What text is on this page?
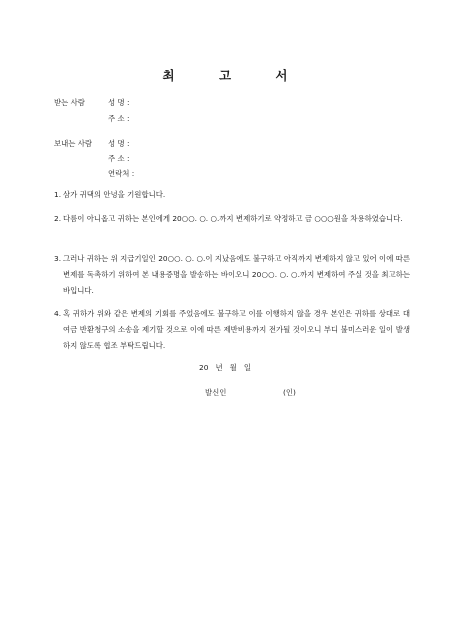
최 고 서
받는 사람	성 명 :
주 소 :
보내는 사람 성 명 :
주 소 :
연락처 :
1. 삼가 귀댁의 안녕을 기원합니다.
2. 다름이 아니옵고 귀하는 본인에게 20○○. ○. ○.까지 변제하기로 약정하고 금 ○○○원을 차용하였습니다.
3. 그러나 귀하는 위 지급기일인 20○○. ○. ○.이 지났음에도 불구하고 아직까지 변제하지 않고 있어 이에 따른 변제를 독촉하기 위하여 본 내용증명을 발송하는 바이오니 20○○. ○. ○.까지 변제하여 주실 것을 최고하는 바입니다.
4. 혹 귀하가 위와 같은 변제의 기회를 주었음에도 불구하고 이를 이행하지 않을 경우 본인은 귀하를 상대로 대여금 반환청구의 소송을 제기할 것으로 이에 따른 제반비용까지 전가될 것이오니 부디 불미스러운 일이 발생하지 않도록 협조 부탁드립니다.
20   년   월   일
발신인	(인)
